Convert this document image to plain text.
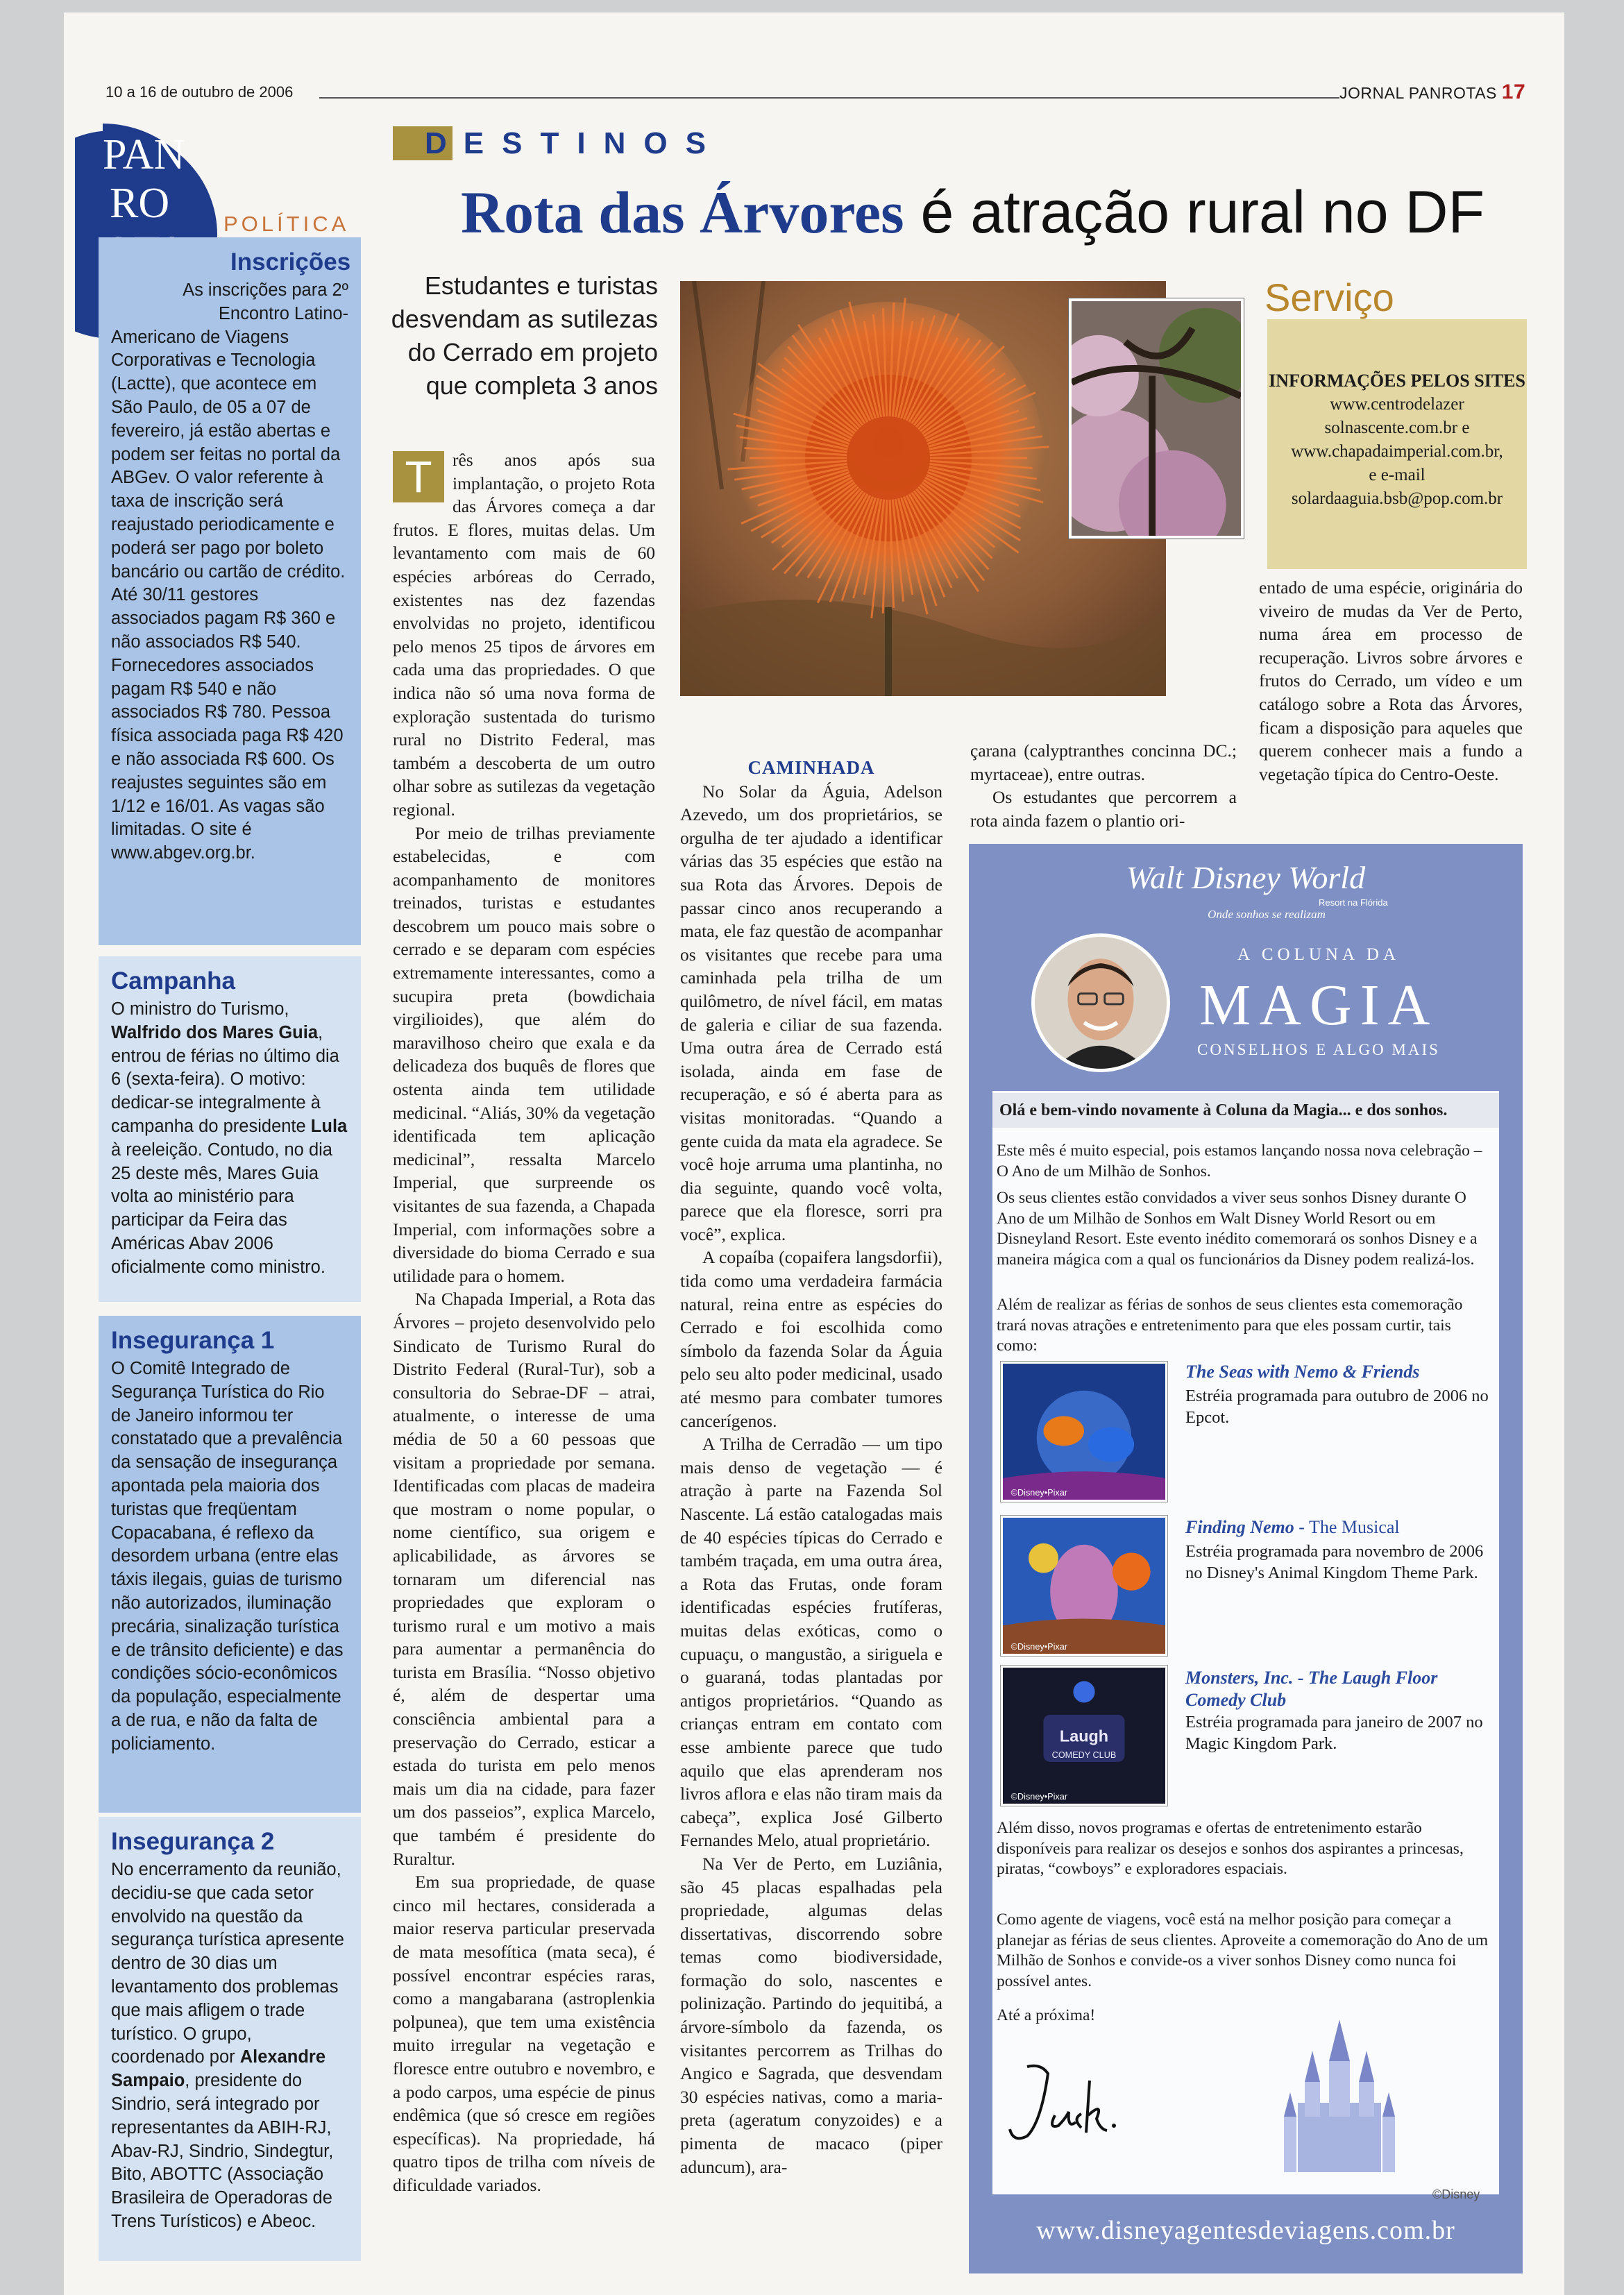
10 a 16 de outubro de 2006	JORNAL PANROTAS 17
PAN
RO	POLÍTICA
Inscrições

As inscrições para 2º Encontro Latino-

Americano de Viagens Corporativas e Tecnologia (Lactte), que acontece em São Paulo, de 05 a 07 de fevereiro, já estão abertas e podem ser feitas no portal da ABGev. O valor referente à taxa de inscrição será reajustado periodicamente e poderá ser pago por boleto bancário ou cartão de crédito. Até 30/11 gestores associados pagam R$ 360 e não associados R$ 540. Fornecedores associados pagam R$ 540 e não associados R$ 780. Pessoa física associada paga R$ 420 e não associada R$ 600. Os reajustes seguintes são em 1/12 e 16/01. As vagas são limitadas. O site é www.abgev.org.br.

Campanha

O ministro do Turismo, Walfrido dos Mares Guia, entrou de férias no último dia 6 (sexta-feira). O motivo: dedicar-se integralmente à campanha do presidente Lula à reeleição. Contudo, no dia 25 deste mês, Mares Guia volta ao ministério para participar da Feira das Américas Abav 2006 oficialmente como ministro.

Insegurança 1

O Comitê Integrado de Segurança Turística do Rio de Janeiro informou ter constatado que a prevalência da sensação de insegurança apontada pela maioria dos turistas que freqüentam Copacabana, é reflexo da desordem urbana (entre elas táxis ilegais, guias de turismo não autorizados, iluminação precária, sinalização turística e de trânsito deficiente) e das condições sócio-econômicos da população, especialmente a de rua, e não da falta de policiamento.

Insegurança 2

No encerramento da reunião, decidiu-se que cada setor envolvido na questão da segurança turística apresente dentro de 30 dias um levantamento dos problemas que mais afligem o trade turístico. O grupo, coordenado por Alexandre Sampaio, presidente do Sindrio, será integrado por representantes da ABIH-RJ, Abav-RJ, Sindrio, Sindegtur, Bito, ABOTTC (Associação Brasileira de Operadoras de Trens Turísticos) e Abeoc.

D ESTINOS
Rota das Árvores é atração rural no DF
Estudantes e turistas desvendam as sutilezas do Cerrado em projeto que completa 3 anos

T	rês anos após sua implantação, o projeto Rota das Árvores começa a dar frutos. E flores, muitas delas. Um levantamento com mais de 60 espécies arbóreas do Cerrado, existentes nas dez fazendas envolvidas no projeto, identificou pelo menos 25 tipos de árvores em cada uma das propriedades. O que indica não só uma nova forma de exploração sustentada do turismo rural no Distrito Federal, mas também a descoberta de um outro olhar sobre as sutilezas da vegetação regional.

Por meio de trilhas previamente estabelecidas, e com acompanhamento de monitores treinados, turistas e estudantes descobrem um pouco mais sobre o cerrado e se deparam com espécies extremamente interessantes, como a sucupira preta (bowdichaia virgilioides), que além do maravilhoso cheiro que exala e da delicadeza dos buquês de flores que ostenta ainda tem utilidade medicinal. “Aliás, 30% da vegetação identificada tem aplicação medicinal”, ressalta Marcelo Imperial, que surpreende os visitantes de sua fazenda, a Chapada Imperial, com informações sobre a diversidade do bioma Cerrado e sua utilidade para o homem.

Na Chapada Imperial, a Rota das Árvores – projeto desenvolvido pelo Sindicato de Turismo Rural do Distrito Federal (Rural-Tur), sob a consultoria do Sebrae-DF – atrai, atualmente, o interesse de uma média de 50 a 60 pessoas que visitam a propriedade por semana. Identificadas com placas de madeira que mostram o nome popular, o nome científico, sua origem e aplicabilidade, as árvores se tornaram um diferencial nas propriedades que exploram o turismo rural e um motivo a mais para aumentar a permanência do turista em Brasília. “Nosso objetivo é, além de despertar uma consciência ambiental para a preservação do Cerrado, esticar a estada do turista em pelo menos mais um dia na cidade, para fazer um dos passeios”, explica Marcelo, que também é presidente do Ruraltur.

Em sua propriedade, de quase cinco mil hectares, considerada a maior reserva particular preservada de mata mesofítica (mata seca), é possível encontrar espécies raras, como a mangabarana (astroplenkia polpunea), que tem uma existência muito irregular na vegetação e floresce entre outubro e novembro, e a podo carpos, uma espécie de pinus endêmica (que só cresce em regiões específicas). Na propriedade, há quatro tipos de trilha com níveis de dificuldade variados.

CAMINHADA

No Solar da Águia, Adelson Azevedo, um dos proprietários, se orgulha de ter ajudado a identificar várias das 35 espécies que estão na sua Rota das Árvores. Depois de passar cinco anos recuperando a mata, ele faz questão de acompanhar os visitantes que recebe para uma caminhada pela trilha de um quilômetro, de nível fácil, em matas de galeria e ciliar de sua fazenda. Uma outra área de Cerrado está isolada, ainda em fase de recuperação, e só é aberta para as visitas monitoradas. “Quando a gente cuida da mata ela agradece. Se você hoje arruma uma plantinha, no dia seguinte, quando você volta, parece que ela floresce, sorri pra você”, explica.

A copaíba (copaifera langsdorfii), tida como uma verdadeira farmácia natural, reina entre as espécies do Cerrado e foi escolhida como símbolo da fazenda Solar da Águia pelo seu alto poder medicinal, usado até mesmo para combater tumores cancerígenos.

A Trilha de Cerradão — um tipo mais denso de vegetação — é atração à parte na Fazenda Sol Nascente. Lá estão catalogadas mais de 40 espécies típicas do Cerrado e também traçada, em uma outra área, a Rota das Frutas, onde foram identificadas espécies frutíferas, muitas delas exóticas, como o cupuaçu, o mangustão, a siriguela e o guaraná, todas plantadas por antigos proprietários. “Quando as crianças entram em contato com esse ambiente parece que tudo aquilo que elas aprenderam nos livros aflora e elas não tiram mais da cabeça”, explica José Gilberto Fernandes Melo, atual proprietário.

Na Ver de Perto, em Luziânia, são 45 placas espalhadas pela propriedade, algumas delas dissertativas, discorrendo sobre temas como biodiversidade, formação do solo, nascentes e polinização. Partindo do jequitibá, a árvore-símbolo da fazenda, os visitantes percorrem as Trilhas do Angico e Sagrada, que desvendam 30 espécies nativas, como a maria-preta (ageratum conyzoides) e a pimenta de macaco (piper aduncum), ara-

çarana (calyptranthes concinna DC.; myrtaceae), entre outras.

Os estudantes que percorrem a rota ainda fazem o plantio ori-

Serviço
INFORMAÇÕES PELOS SITES
www.centrodelazer
solnascente.com.br e
www.chapadaimperial.com.br,
e e-mail
solardaaguia.bsb@pop.com.br

entado de uma espécie, originária do viveiro de mudas da Ver de Perto, numa área em processo de recuperação. Livros sobre árvores e frutos do Cerrado, um vídeo e um catálogo sobre a Rota das Árvores, ficam a disposição para aqueles que querem conhecer mais a fundo a vegetação típica do Centro-Oeste.

Walt Disney World
Resort na Flórida
Onde sonhos se realizam
A COLUNA DA
MAGIA
CONSELHOS E ALGO MAIS
Olá e bem-vindo novamente à Coluna da Magia... e dos sonhos.
Este mês é muito especial, pois estamos lançando nossa nova celebração – O Ano de um Milhão de Sonhos.
Os seus clientes estão convidados a viver seus sonhos Disney durante O Ano de um Milhão de Sonhos em Walt Disney World Resort ou em Disneyland Resort. Este evento inédito comemorará os sonhos Disney e a maneira mágica com a qual os funcionários da Disney podem realizá-los.
Além de realizar as férias de sonhos de seus clientes esta comemoração trará novas atrações e entretenimento para que eles possam curtir, tais como:
©Disney•Pixar
©Disney•Pixar
Laugh
COMEDY CLUB
©Disney•Pixar
The Seas with Nemo & Friends
Estréia programada para outubro de 2006 no Epcot.
Finding Nemo - The Musical
Estréia programada para novembro de 2006 no Disney's Animal Kingdom Theme Park.
Monsters, Inc. - The Laugh Floor Comedy Club
Estréia programada para janeiro de 2007 no Magic Kingdom Park.
Além disso, novos programas e ofertas de entretenimento estarão disponíveis para realizar os desejos e sonhos dos aspirantes a princesas, piratas, “cowboys” e exploradores espaciais.
Como agente de viagens, você está na melhor posição para começar a planejar as férias de seus clientes. Aproveite a comemoração do Ano de um Milhão de Sonhos e convide-os a viver sonhos Disney como nunca foi possível antes.
Até a próxima!
©Disney
www.disneyagentesdeviagens.com.br
